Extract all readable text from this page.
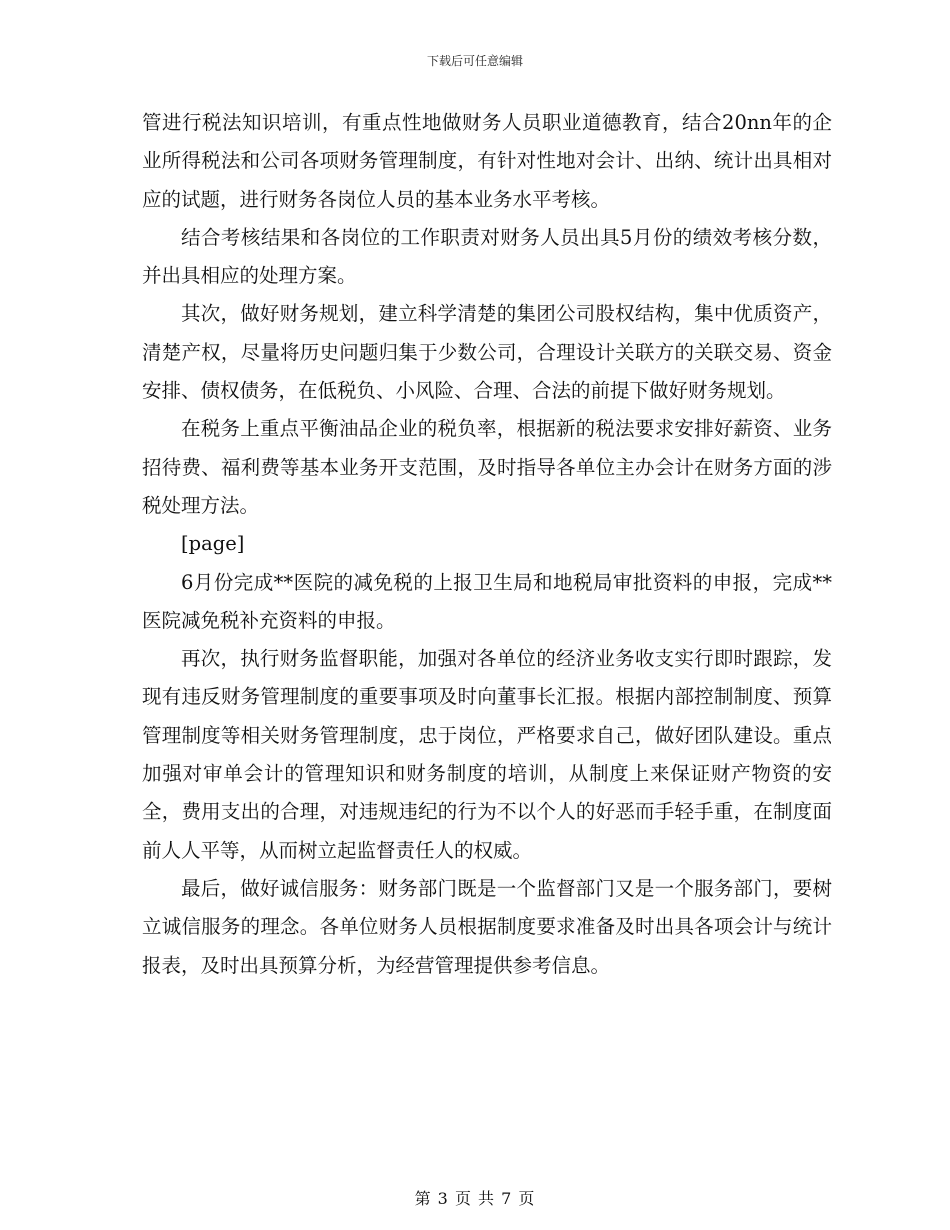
下载后可任意编辑

管进行税法知识培训，有重点性地做财务人员职业道德教育，结合20nn年的企业所得税法和公司各项财务管理制度，有针对性地对会计、出纳、统计出具相对应的试题，进行财务各岗位人员的基本业务水平考核。

结合考核结果和各岗位的工作职责对财务人员出具5月份的绩效考核分数，并出具相应的处理方案。

其次，做好财务规划，建立科学清楚的集团公司股权结构，集中优质资产，清楚产权，尽量将历史问题归集于少数公司，合理设计关联方的关联交易、资金安排、债权债务，在低税负、小风险、合理、合法的前提下做好财务规划。

在税务上重点平衡油品企业的税负率，根据新的税法要求安排好薪资、业务招待费、福利费等基本业务开支范围，及时指导各单位主办会计在财务方面的涉税处理方法。

[page]

6月份完成**医院的减免税的上报卫生局和地税局审批资料的申报，完成**医院减免税补充资料的申报。

再次，执行财务监督职能，加强对各单位的经济业务收支实行即时跟踪，发现有违反财务管理制度的重要事项及时向董事长汇报。根据内部控制制度、预算管理制度等相关财务管理制度，忠于岗位，严格要求自己，做好团队建设。重点加强对审单会计的管理知识和财务制度的培训，从制度上来保证财产物资的安全，费用支出的合理，对违规违纪的行为不以个人的好恶而手轻手重，在制度面前人人平等，从而树立起监督责任人的权威。

最后，做好诚信服务：财务部门既是一个监督部门又是一个服务部门，要树立诚信服务的理念。各单位财务人员根据制度要求准备及时出具各项会计与统计报表，及时出具预算分析，为经营管理提供参考信息。

第 3 页 共 7 页
